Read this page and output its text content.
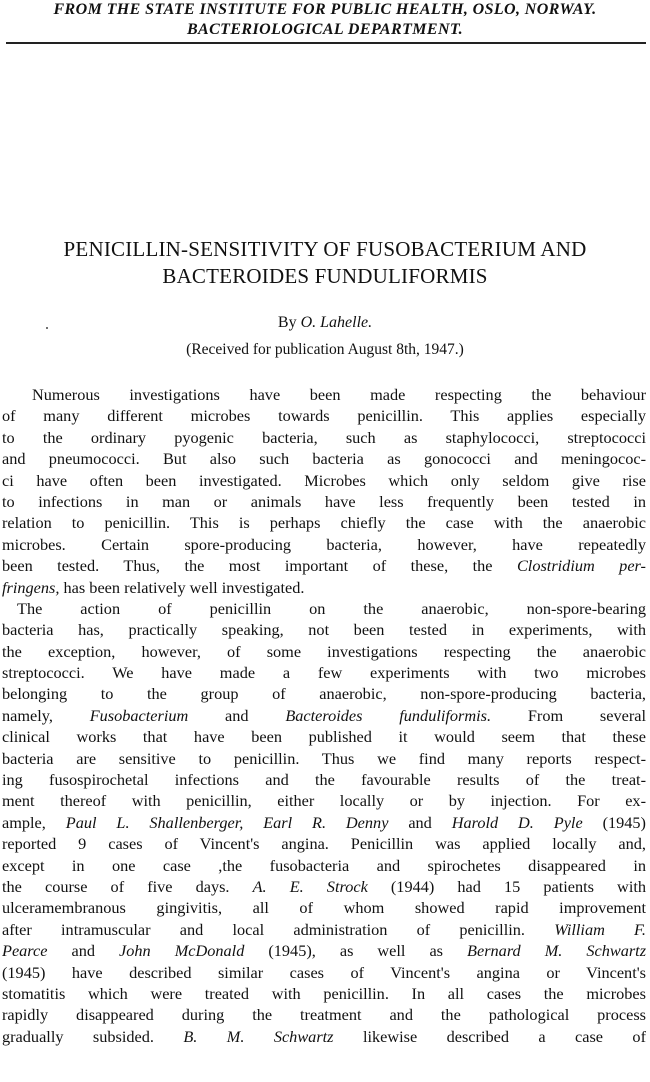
FROM THE STATE INSTITUTE FOR PUBLIC HEALTH, OSLO, NORWAY.
BACTERIOLOGICAL DEPARTMENT.
PENICILLIN-SENSITIVITY OF FUSOBACTERIUM AND
BACTEROIDES FUNDULIFORMIS
By O. Lahelle.
(Received for publication August 8th, 1947.)
Numerous investigations have been made respecting the behaviour
of many different microbes towards penicillin. This applies especially
to the ordinary pyogenic bacteria, such as staphylococci, streptococci
and pneumococci. But also such bacteria as gonococci and meningococ-
ci have often been investigated. Microbes which only seldom give rise
to infections in man or animals have less frequently been tested in
relation to penicillin. This is perhaps chiefly the case with the anaerobic
microbes. Certain spore-producing bacteria, however, have repeatedly
been tested. Thus, the most important of these, the Clostridium per-
fringens, has been relatively well investigated.
The action of penicillin on the anaerobic, non-spore-bearing
bacteria has, practically speaking, not been tested in experiments, with
the exception, however, of some investigations respecting the anaerobic
streptococci. We have made a few experiments with two microbes
belonging to the group of anaerobic, non-spore-producing bacteria,
namely, Fusobacterium and Bacteroides funduliformis. From several
clinical works that have been published it would seem that these
bacteria are sensitive to penicillin. Thus we find many reports respect-
ing fusospirochetal infections and the favourable results of the treat-
ment thereof with penicillin, either locally or by injection. For ex-
ample, Paul L. Shallenberger, Earl R. Denny and Harold D. Pyle (1945)
reported 9 cases of Vincent's angina. Penicillin was applied locally and,
except in one case ,the fusobacteria and spirochetes disappeared in
the course of five days. A. E. Strock (1944) had 15 patients with
ulceramembranous gingivitis, all of whom showed rapid improvement
after intramuscular and local administration of penicillin. William F.
Pearce and John McDonald (1945), as well as Bernard M. Schwartz
(1945) have described similar cases of Vincent's angina or Vincent's
stomatitis which were treated with penicillin. In all cases the microbes
rapidly disappeared during the treatment and the pathological process
gradually subsided. B. M. Schwartz likewise described a case of
